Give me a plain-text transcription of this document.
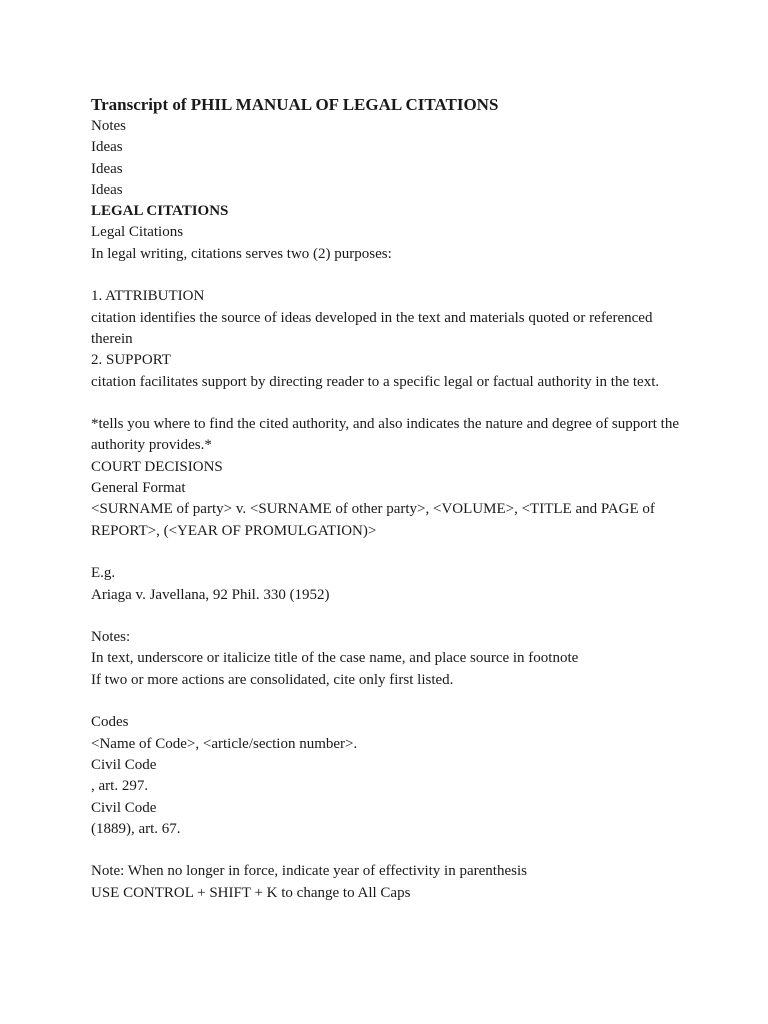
Transcript of PHIL MANUAL OF LEGAL CITATIONS

Notes

Ideas

Ideas

Ideas

LEGAL CITATIONS

Legal Citations

In legal writing, citations serves two (2) purposes:

1. ATTRIBUTION

citation identifies the source of ideas developed in the text and materials quoted or referenced therein

2. SUPPORT

citation facilitates support by directing reader to a specific legal or factual authority in the text.

*tells you where to find the cited authority, and also indicates the nature and degree of support the authority provides.*

COURT DECISIONS

General Format

<SURNAME of party> v. <SURNAME of other party>, <VOLUME>, <TITLE and PAGE of REPORT>, (<YEAR OF PROMULGATION)>

E.g.

Ariaga v. Javellana, 92 Phil. 330 (1952)

Notes:

In text, underscore or italicize title of the case name, and place source in footnote

If two or more actions are consolidated, cite only first listed.

Codes

<Name of Code>, <article/section number>.

Civil Code

, art. 297.

Civil Code

(1889), art. 67.

Note: When no longer in force, indicate year of effectivity in parenthesis

USE CONTROL + SHIFT + K to change to All Caps
